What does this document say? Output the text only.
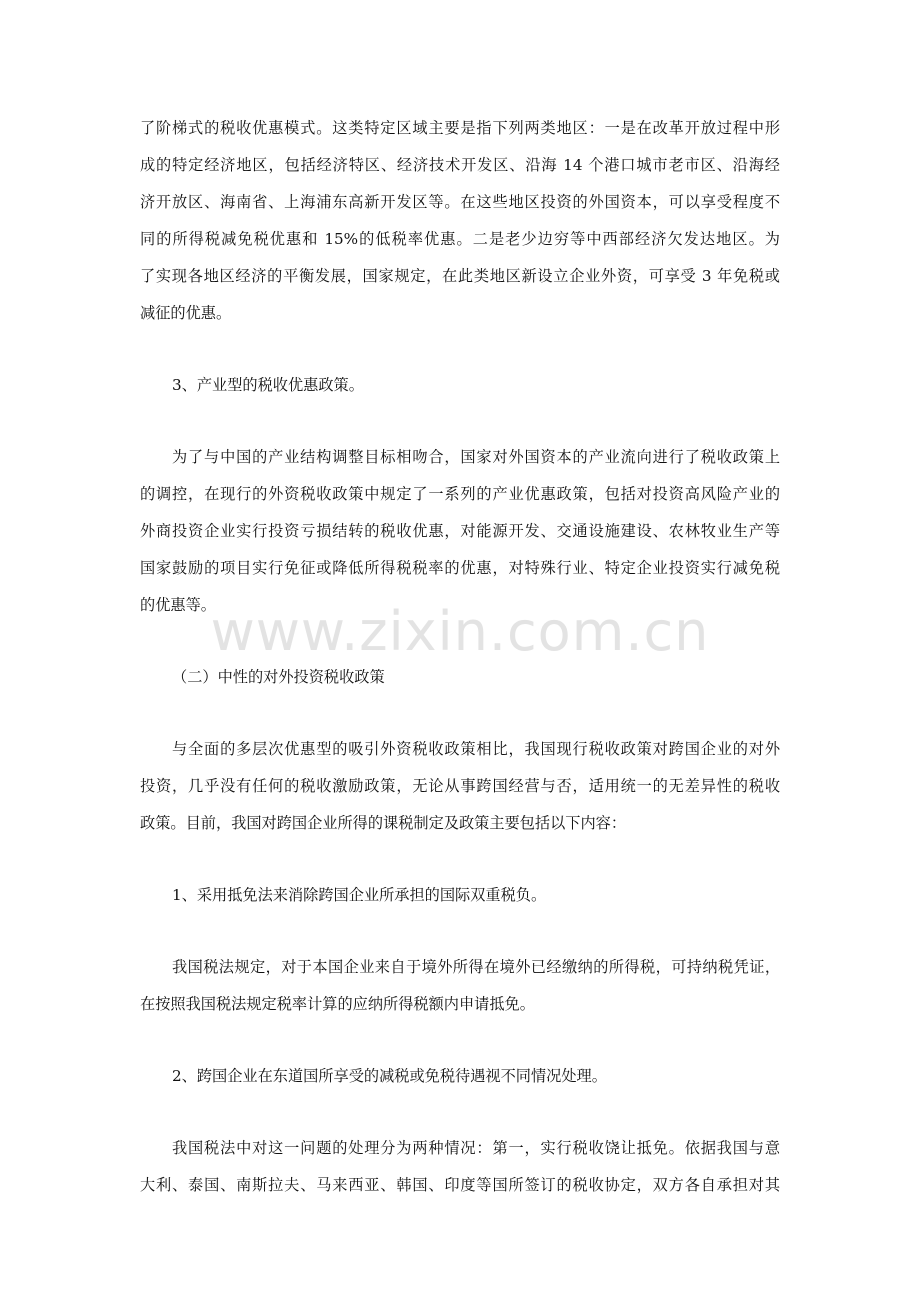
www.zixin.com.cn
了阶梯式的税收优惠模式。这类特定区域主要是指下列两类地区：一是在改革开放过程中形
成的特定经济地区，包括经济特区、经济技术开发区、沿海 14 个港口城市老市区、沿海经
济开放区、海南省、上海浦东高新开发区等。在这些地区投资的外国资本，可以享受程度不
同的所得税减免税优惠和 15%的低税率优惠。二是老少边穷等中西部经济欠发达地区。为
了实现各地区经济的平衡发展，国家规定，在此类地区新设立企业外资，可享受 3 年免税或
减征的优惠。
3、产业型的税收优惠政策。
为了与中国的产业结构调整目标相吻合，国家对外国资本的产业流向进行了税收政策上
的调控，在现行的外资税收政策中规定了一系列的产业优惠政策，包括对投资高风险产业的
外商投资企业实行投资亏损结转的税收优惠，对能源开发、交通设施建设、农林牧业生产等
国家鼓励的项目实行免征或降低所得税税率的优惠，对特殊行业、特定企业投资实行减免税
的优惠等。
（二）中性的对外投资税收政策
与全面的多层次优惠型的吸引外资税收政策相比，我国现行税收政策对跨国企业的对外
投资，几乎没有任何的税收激励政策，无论从事跨国经营与否，适用统一的无差异性的税收
政策。目前，我国对跨国企业所得的课税制定及政策主要包括以下内容：
1、采用抵免法来消除跨国企业所承担的国际双重税负。
我国税法规定，对于本国企业来自于境外所得在境外已经缴纳的所得税，可持纳税凭证，
在按照我国税法规定税率计算的应纳所得税额内申请抵免。
2、跨国企业在东道国所享受的减税或免税待遇视不同情况处理。
我国税法中对这一问题的处理分为两种情况：第一，实行税收饶让抵免。依据我国与意
大利、泰国、南斯拉夫、马来西亚、韩国、印度等国所签订的税收协定，双方各自承担对其
